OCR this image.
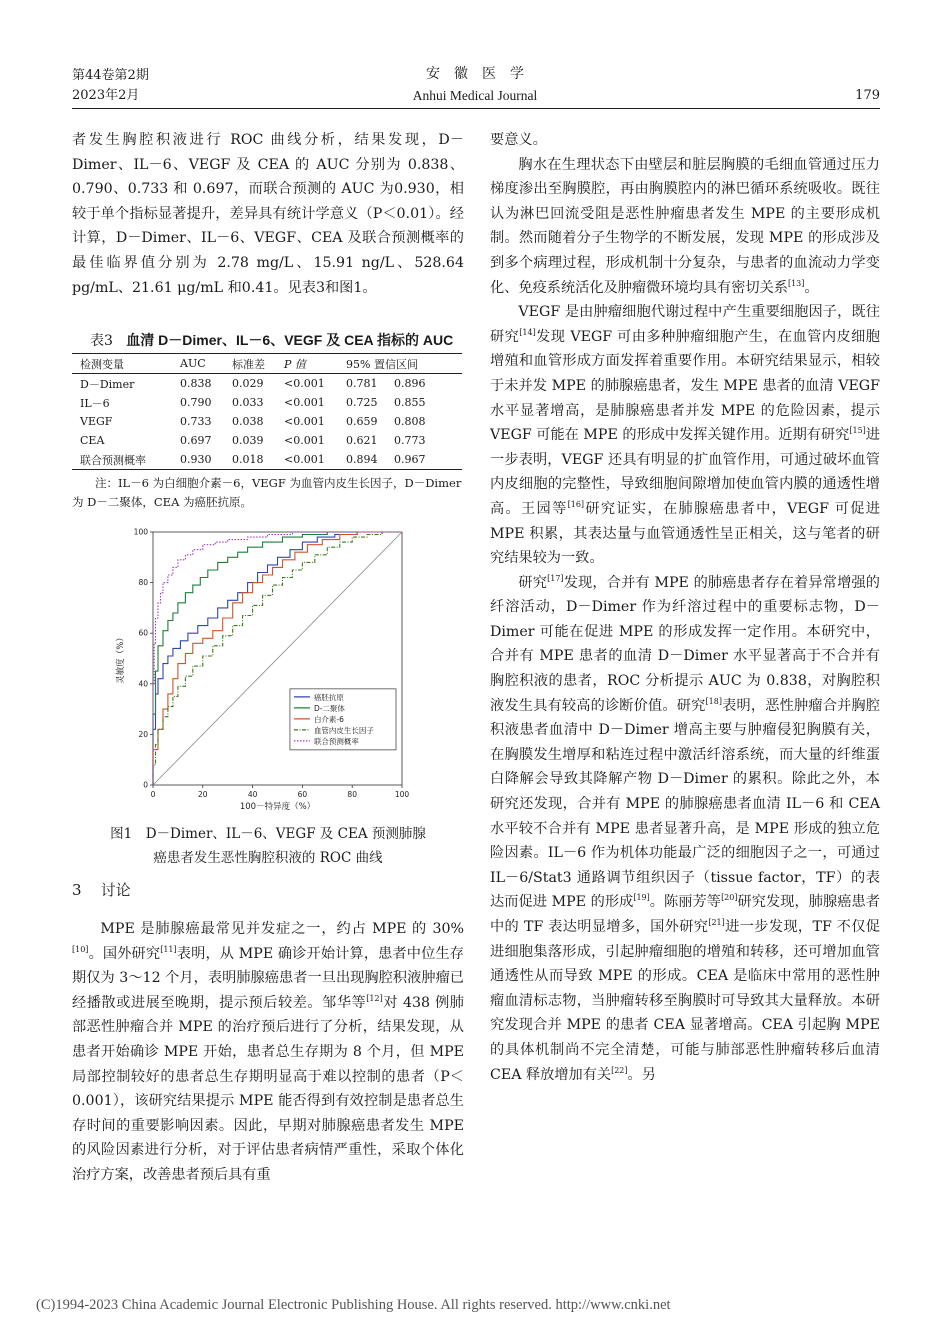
第44卷第2期
2023年2月
安　徽　医　学
Anhui Medical Journal	179

者发生胸腔积液进行 ROC 曲线分析，结果发现，D－Dimer、IL－6、VEGF 及 CEA 的 AUC 分别为 0.838、0.790、0.733 和 0.697，而联合预测的 AUC 为0.930，相较于单个指标显著提升，差异具有统计学意义（P＜0.01）。经计算，D－Dimer、IL－6、VEGF、CEA 及联合预测概率的最佳临界值分别为 2.78 mg/L、15.91 ng/L、528.64 pg/mL、21.61 μg/mL 和0.41。见表3和图1。

表3 血清 D－Dimer、IL－6、VEGF 及 CEA 指标的 AUC
检测变量	AUC	标准差	P 值	95% 置信区间	
D－Dimer	0.838	0.029	<0.001	0.781	0.896
IL－6	0.790	0.033	<0.001	0.725	0.855
VEGF	0.733	0.038	<0.001	0.659	0.808
CEA	0.697	0.039	<0.001	0.621	0.773
联合预测概率	0.930	0.018	<0.001	0.894	0.967
注：IL－6 为白细胞介素－6，VEGF 为血管内皮生长因子，D－Dimer 为 D－二聚体，CEA 为癌胚抗原。
0	20	40	60	80	100
0
20
40
60
80
100
100－特异度（%）
灵敏度（%）
癌胚抗原
D-二聚体
白介素-6
血管内皮生长因子
联合预测概率
图1　D－Dimer、IL－6、VEGF 及 CEA 预测肺腺
癌患者发生恶性胸腔积液的 ROC 曲线
3 讨论

MPE 是肺腺癌最常见并发症之一，约占 MPE 的 30%[10]。国外研究[11]表明，从 MPE 确诊开始计算，患者中位生存期仅为 3～12 个月，表明肺腺癌患者一旦出现胸腔积液肿瘤已经播散或进展至晚期，提示预后较差。邹华等[12]对 438 例肺部恶性肿瘤合并 MPE 的治疗预后进行了分析，结果发现，从患者开始确诊 MPE 开始，患者总生存期为 8 个月，但 MPE 局部控制较好的患者总生存期明显高于难以控制的患者（P＜0.001），该研究结果提示 MPE 能否得到有效控制是患者总生存时间的重要影响因素。因此，早期对肺腺癌患者发生 MPE 的风险因素进行分析，对于评估患者病情严重性，采取个体化治疗方案，改善患者预后具有重

要意义。

胸水在生理状态下由壁层和脏层胸膜的毛细血管通过压力梯度渗出至胸膜腔，再由胸膜腔内的淋巴循环系统吸收。既往认为淋巴回流受阻是恶性肿瘤患者发生 MPE 的主要形成机制。然而随着分子生物学的不断发展，发现 MPE 的形成涉及到多个病理过程，形成机制十分复杂，与患者的血流动力学变化、免疫系统活化及肿瘤微环境均具有密切关系[13]。

VEGF 是由肿瘤细胞代谢过程中产生重要细胞因子，既往研究[14]发现 VEGF 可由多种肿瘤细胞产生，在血管内皮细胞增殖和血管形成方面发挥着重要作用。本研究结果显示，相较于未并发 MPE 的肺腺癌患者，发生 MPE 患者的血清 VEGF 水平显著增高，是肺腺癌患者并发 MPE 的危险因素，提示 VEGF 可能在 MPE 的形成中发挥关键作用。近期有研究[15]进一步表明，VEGF 还具有明显的扩血管作用，可通过破坏血管内皮细胞的完整性，导致细胞间隙增加使血管内膜的通透性增高。王园等[16]研究证实，在肺腺癌患者中，VEGF 可促进 MPE 积累，其表达量与血管通透性呈正相关，这与笔者的研究结果较为一致。

研究[17]发现，合并有 MPE 的肺癌患者存在着异常增强的纤溶活动，D－Dimer 作为纤溶过程中的重要标志物，D－Dimer 可能在促进 MPE 的形成发挥一定作用。本研究中，合并有 MPE 患者的血清 D－Dimer 水平显著高于不合并有胸腔积液的患者，ROC 分析提示 AUC 为 0.838，对胸腔积液发生具有较高的诊断价值。研究[18]表明，恶性肿瘤合并胸腔积液患者血清中 D－Dimer 增高主要与肿瘤侵犯胸膜有关，在胸膜发生增厚和粘连过程中激活纤溶系统，而大量的纤维蛋白降解会导致其降解产物 D－Dimer 的累积。除此之外，本研究还发现，合并有 MPE 的肺腺癌患者血清 IL－6 和 CEA 水平较不合并有 MPE 患者显著升高，是 MPE 形成的独立危险因素。IL－6 作为机体功能最广泛的细胞因子之一，可通过 IL－6/Stat3 通路调节组织因子（tissue factor，TF）的表达而促进 MPE 的形成[19]。陈丽芳等[20]研究发现，肺腺癌患者中的 TF 表达明显增多，国外研究[21]进一步发现，TF 不仅促进细胞集落形成，引起肿瘤细胞的增殖和转移，还可增加血管通透性从而导致 MPE 的形成。CEA 是临床中常用的恶性肿瘤血清标志物，当肿瘤转移至胸膜时可导致其大量释放。本研究发现合并 MPE 的患者 CEA 显著增高。CEA 引起胸 MPE 的具体机制尚不完全清楚，可能与肺部恶性肿瘤转移后血清 CEA 释放增加有关[22]。另

(C)1994-2023 China Academic Journal Electronic Publishing House. All rights reserved. http://www.cnki.net
